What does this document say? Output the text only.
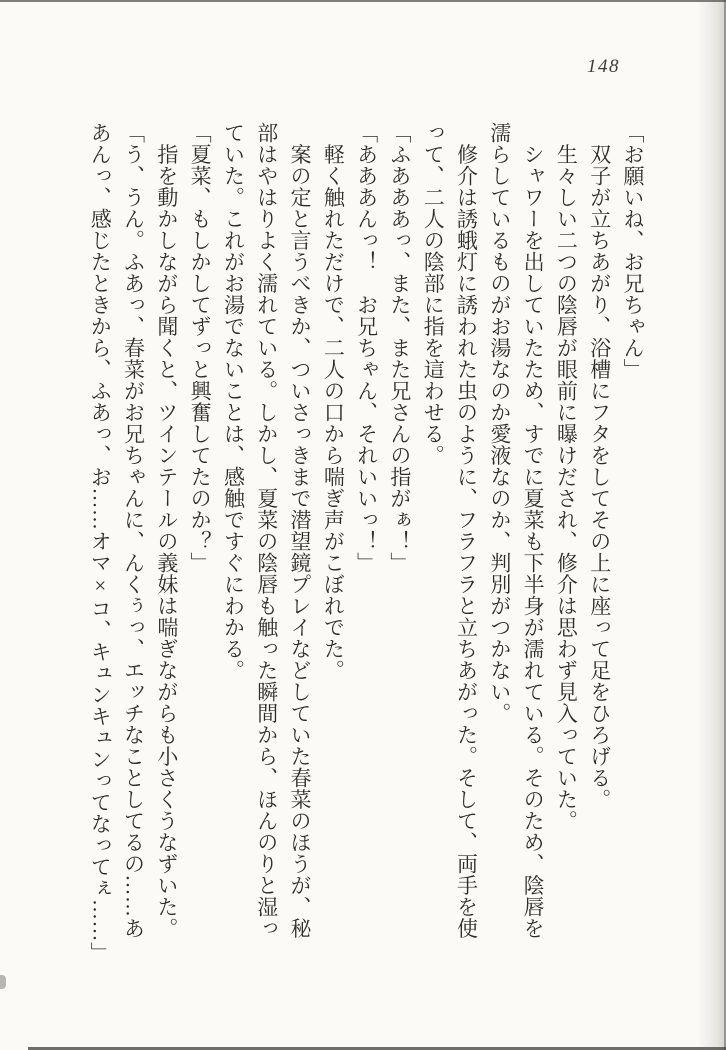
148
「お願いね、お兄ちゃん」
　双子が立ちあがり、浴槽にフタをしてその上に座って足をひろげる。
　生々しい二つの陰唇が眼前に曝けだされ、修介は思わず見入っていた。
　シャワーを出していたため、すでに夏菜も下半身が濡れている。そのため、陰唇を
濡らしているものがお湯なのか愛液なのか、判別がつかない。
　修介は誘蛾灯に誘われた虫のように、フラフラと立ちあがった。そして、両手を使
って、二人の陰部に指を這わせる。
「ふあああっ、また、また兄さんの指がぁ！」
「あああんっ！　お兄ちゃん、それいいっ！」
　軽く触れただけで、二人の口から喘ぎ声がこぼれでた。
　案の定と言うべきか、ついさっきまで潜望鏡プレイなどしていた春菜のほうが、秘
部はやはりよく濡れている。しかし、夏菜の陰唇も触った瞬間から、ほんのりと湿っ
ていた。これがお湯でないことは、感触ですぐにわかる。
「夏菜、もしかしてずっと興奮してたのか？」
　指を動かしながら聞くと、ツインテールの義妹は喘ぎながらも小さくうなずいた。
「う、うん。ふあっ、春菜がお兄ちゃんに、んくぅっ、エッチなことしてるの……あ
あんっ、感じたときから、ふあっ、お……オマ×コ、キュンキュンってなってぇ……」
